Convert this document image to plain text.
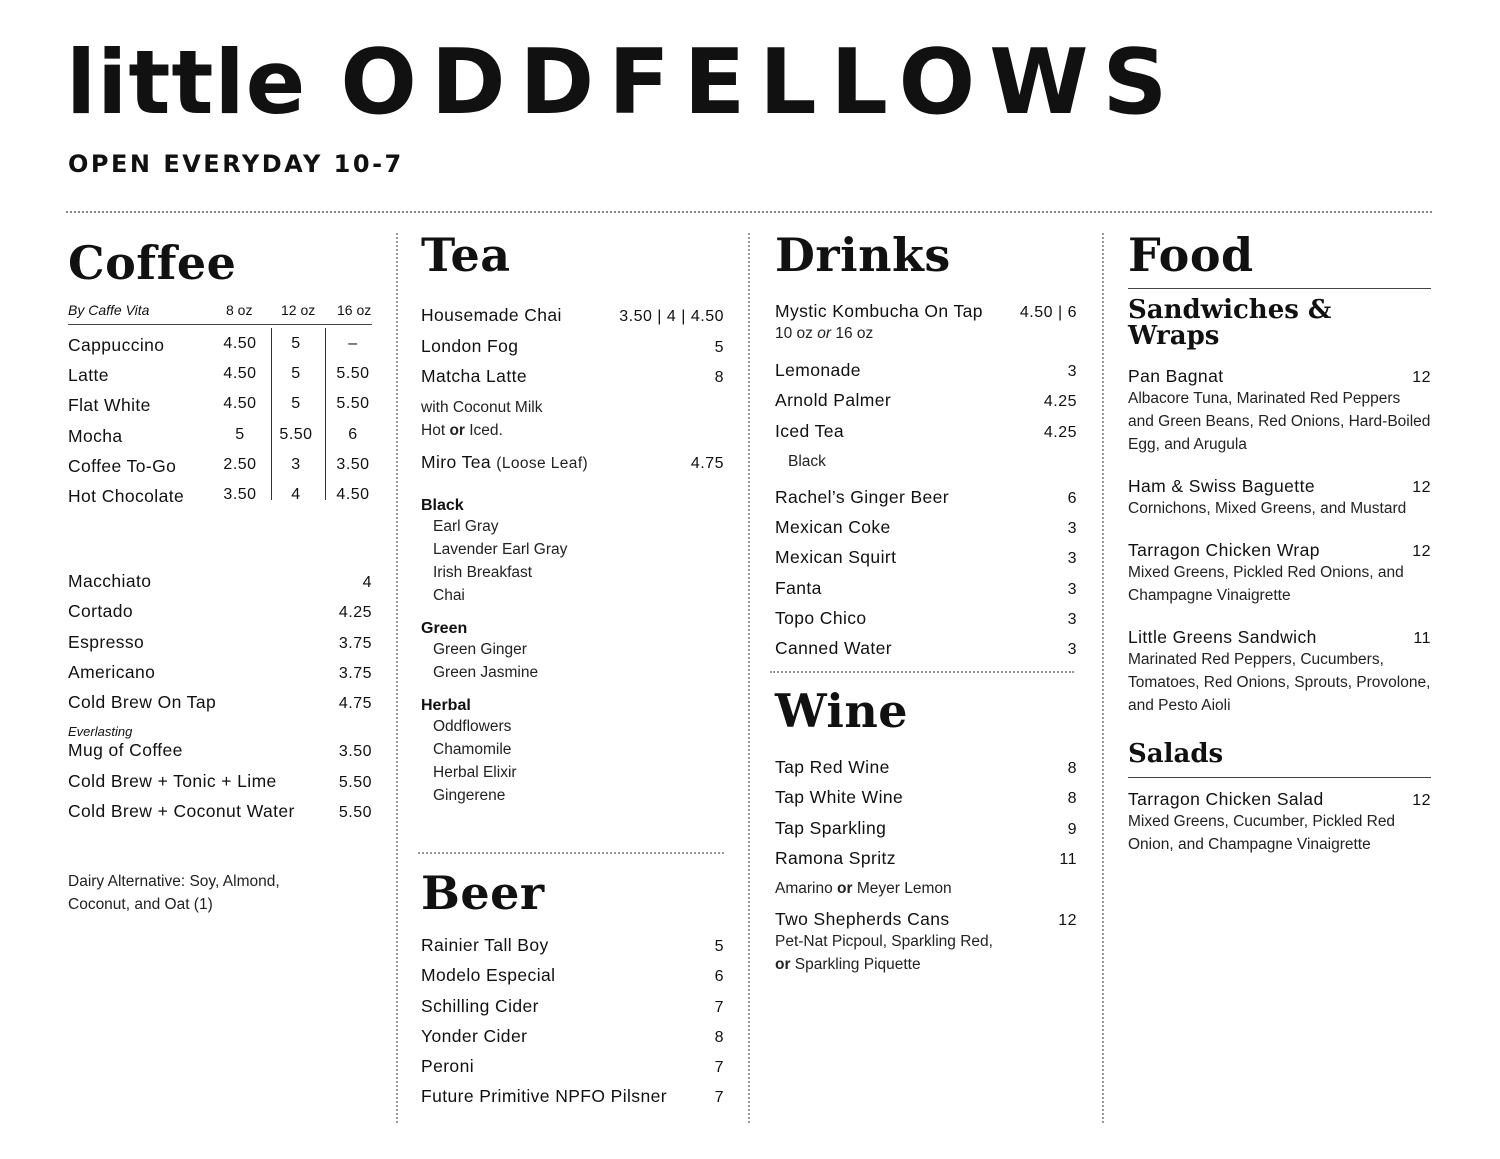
little ODDFELLOWS
OPEN EVERYDAY 10-7
Coffee
By Caffe Vita	8 oz 12 oz 16 oz
Cappuccino	4.50	5	–
Latte	4.50	5	5.50
Flat White	4.50	5	5.50
Mocha	5	5.50	6
Coffee To-Go	2.50	3	3.50
Hot Chocolate	3.50	4	4.50
Macchiato	4
Cortado	4.25
Espresso	3.75
Americano	3.75
Cold Brew On Tap	4.75
Everlasting
Mug of Coffee	3.50
Cold Brew + Tonic + Lime	5.50
Cold Brew + Coconut Water	5.50
Dairy Alternative: Soy, Almond,
Coconut, and Oat (1)
Tea
Housemade Chai	3.50 | 4 | 4.50
London Fog	5
Matcha Latte	8
with Coconut Milk
Hot or Iced.
Miro Tea (Loose Leaf)	4.75
Black
Earl Gray
Lavender Earl Gray
Irish Breakfast
Chai
Green
Green Ginger
Green Jasmine
Herbal
Oddflowers
Chamomile
Herbal Elixir
Gingerene
Beer
Rainier Tall Boy	5
Modelo Especial	6
Schilling Cider	7
Yonder Cider	8
Peroni	7
Future Primitive NPFO Pilsner	7
Drinks
Mystic Kombucha On Tap 4.50 | 6
10 oz or 16 oz
Lemonade	3
Arnold Palmer	4.25
Iced Tea	4.25
Black
Rachel’s Ginger Beer	6
Mexican Coke	3
Mexican Squirt	3
Fanta	3
Topo Chico	3
Canned Water	3
Wine
Tap Red Wine	8
Tap White Wine	8
Tap Sparkling	9
Ramona Spritz	11
Amarino or Meyer Lemon
Two Shepherds Cans	12
Pet-Nat Picpoul, Sparkling Red,
or Sparkling Piquette
Food
Sandwiches & Wraps
Pan Bagnat	12
Albacore Tuna, Marinated Red Peppers
and Green Beans, Red Onions, Hard-Boiled
Egg, and Arugula
Ham & Swiss Baguette	12
Cornichons, Mixed Greens, and Mustard
Tarragon Chicken Wrap	12
Mixed Greens, Pickled Red Onions, and
Champagne Vinaigrette
Little Greens Sandwich	11
Marinated Red Peppers, Cucumbers,
Tomatoes, Red Onions, Sprouts, Provolone,
and Pesto Aioli
Salads
Tarragon Chicken Salad	12
Mixed Greens, Cucumber, Pickled Red
Onion, and Champagne Vinaigrette
